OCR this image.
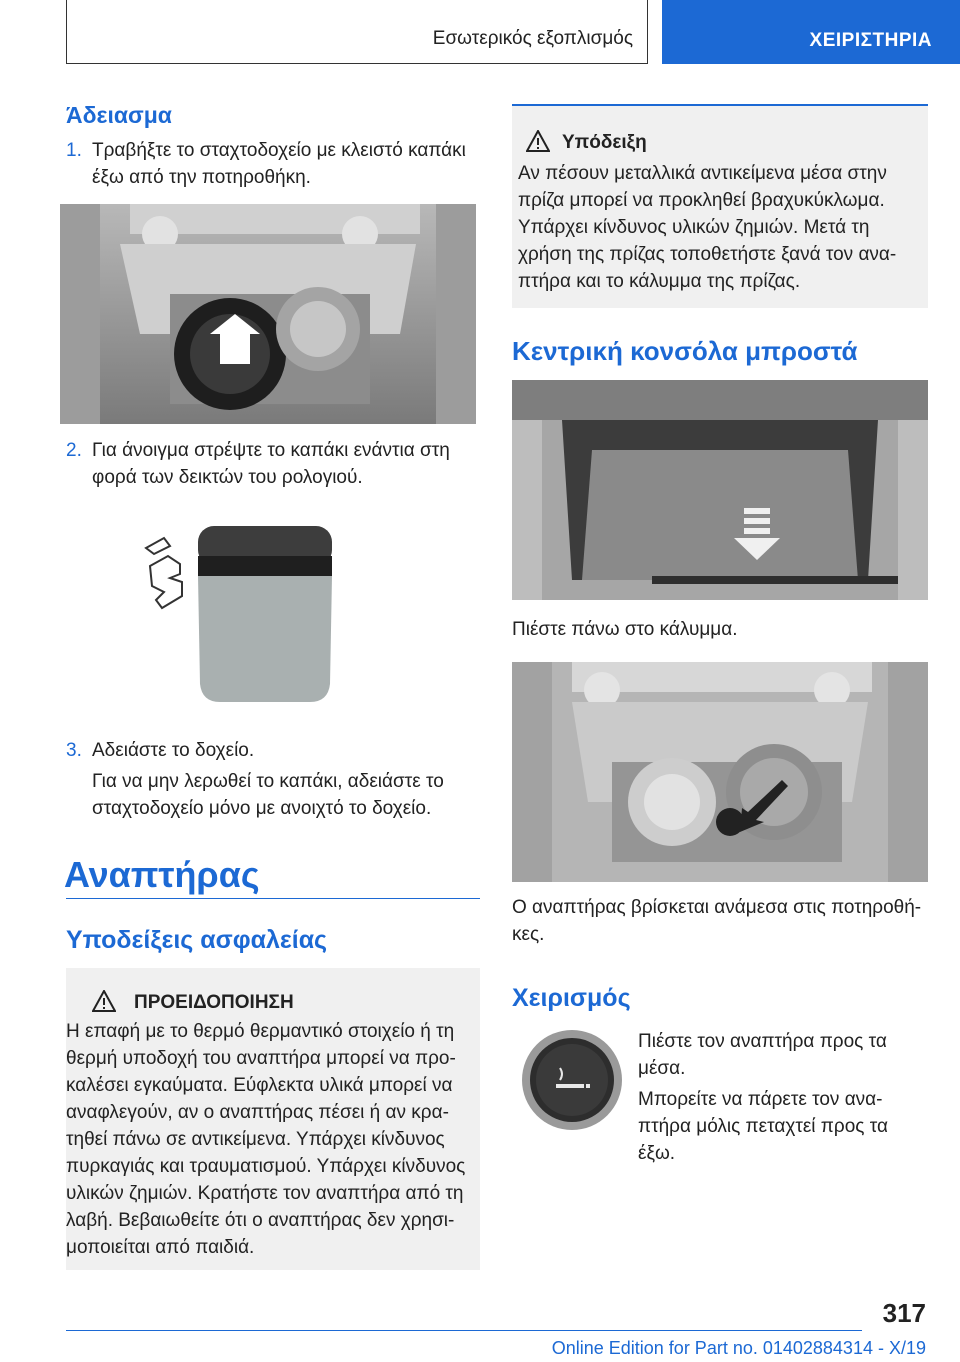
Εσωτερικός εξοπλισμός	ΧΕΙΡΙΣΤΗΡΙΑ
Άδειασμα
1. Τραβήξτε το σταχτοδοχείο με κλειστό καπάκι
έξω από την ποτηροθήκη.
2. Για άνοιγμα στρέψτε το καπάκι ενάντια στη
φορά των δεικτών του ρολογιού.
3. Αδειάστε το δοχείο.
Για να μην λερωθεί το καπάκι, αδειάστε το
σταχτοδοχείο μόνο με ανοιχτό το δοχείο.
Αναπτήρας
Υποδείξεις ασφαλείας
ΠΡΟΕΙΔΟΠΟΙΗΣΗ
Η επαφή με το θερμό θερμαντικό στοιχείο ή τη
θερμή υποδοχή του αναπτήρα μπορεί να προ-
καλέσει εγκαύματα. Εύφλεκτα υλικά μπορεί να
αναφλεγούν, αν ο αναπτήρας πέσει ή αν κρα-
τηθεί πάνω σε αντικείμενα. Υπάρχει κίνδυνος
πυρκαγιάς και τραυματισμού. Υπάρχει κίνδυνος
υλικών ζημιών. Κρατήστε τον αναπτήρα από τη
λαβή. Βεβαιωθείτε ότι ο αναπτήρας δεν χρησι-
μοποιείται από παιδιά.
Υπόδειξη
Αν πέσουν μεταλλικά αντικείμενα μέσα στην
πρίζα μπορεί να προκληθεί βραχυκύκλωμα.
Υπάρχει κίνδυνος υλικών ζημιών. Μετά τη
χρήση της πρίζας τοποθετήστε ξανά τον ανα-
πτήρα και το κάλυμμα της πρίζας.
Κεντρική κονσόλα μπροστά
Πιέστε πάνω στο κάλυμμα.
Ο αναπτήρας βρίσκεται ανάμεσα στις ποτηροθή-
κες.
Χειρισμός
Πιέστε τον αναπτήρα προς τα
μέσα.
Μπορείτε να πάρετε τον ανα-
πτήρα μόλις πεταχτεί προς τα
έξω.
317
Online Edition for Part no. 01402884314 - X/19
